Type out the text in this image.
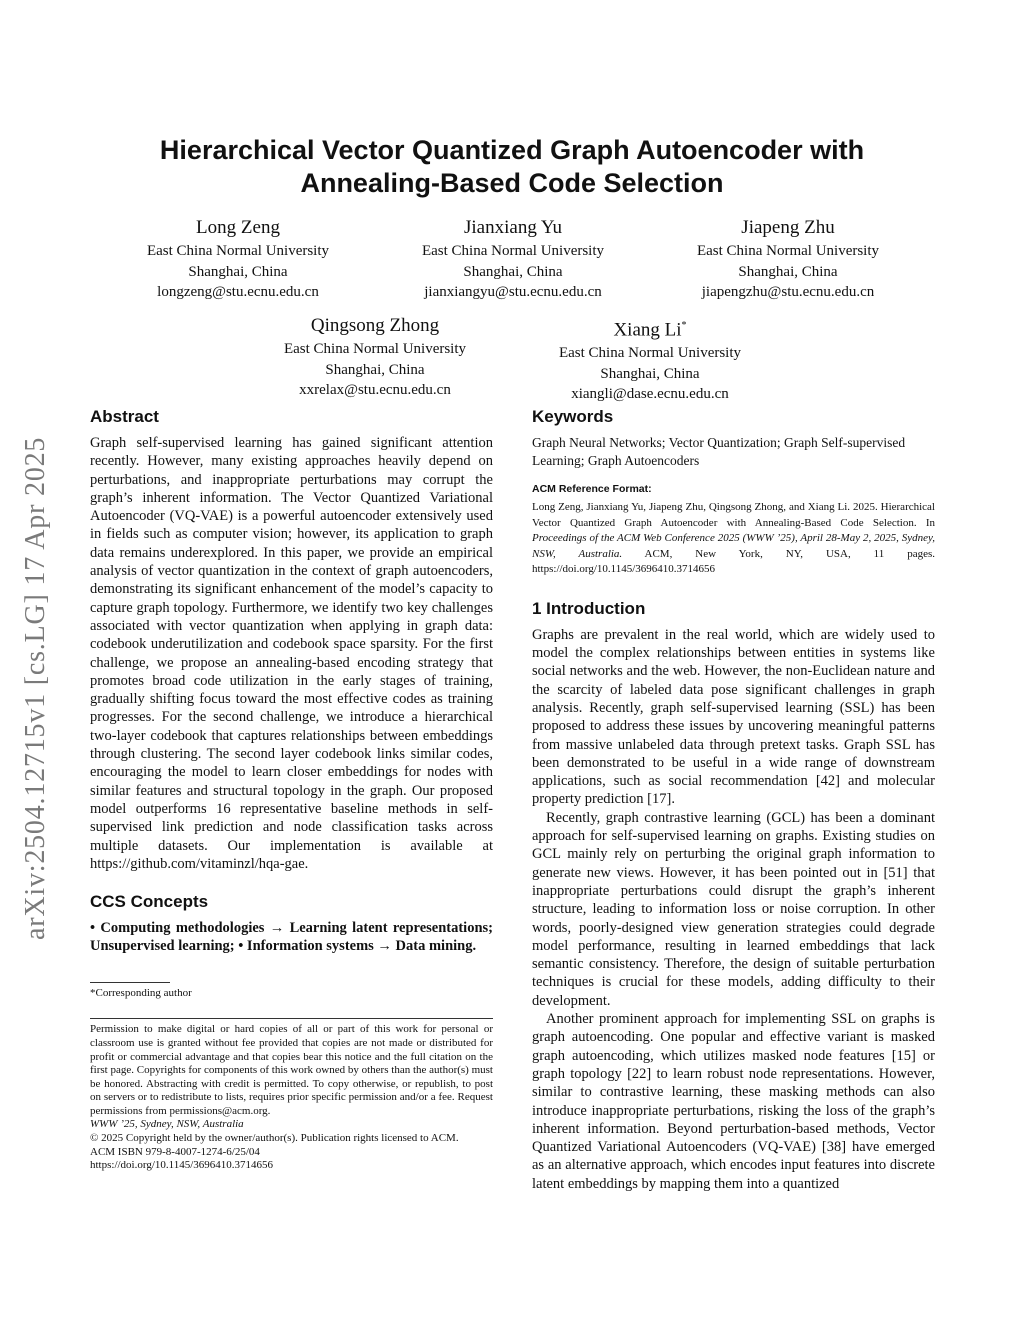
arXiv:2504.12715v1 [cs.LG] 17 Apr 2025
Hierarchical Vector Quantized Graph Autoencoder with
Annealing-Based Code Selection
Long Zeng
East China Normal University
Shanghai, China
longzeng@stu.ecnu.edu.cn
Jianxiang Yu
East China Normal University
Shanghai, China
jianxiangyu@stu.ecnu.edu.cn
Jiapeng Zhu
East China Normal University
Shanghai, China
jiapengzhu@stu.ecnu.edu.cn
Qingsong Zhong
East China Normal University
Shanghai, China
xxrelax@stu.ecnu.edu.cn
Xiang Li*
East China Normal University
Shanghai, China
xiangli@dase.ecnu.edu.cn
Abstract

Graph self-supervised learning has gained significant attention recently. However, many existing approaches heavily depend on perturbations, and inappropriate perturbations may corrupt the graph’s inherent information. The Vector Quantized Variational Autoencoder (VQ-VAE) is a powerful autoencoder extensively used in fields such as computer vision; however, its application to graph data remains underexplored. In this paper, we provide an empirical analysis of vector quantization in the context of graph autoencoders, demonstrating its significant enhancement of the model’s capacity to capture graph topology. Furthermore, we identify two key challenges associated with vector quantization when applying in graph data: codebook underutilization and codebook space sparsity. For the first challenge, we propose an annealing-based encoding strategy that promotes broad code utilization in the early stages of training, gradually shifting focus toward the most effective codes as training progresses. For the second challenge, we introduce a hierarchical two-layer codebook that captures relationships between embeddings through clustering. The second layer codebook links similar codes, encouraging the model to learn closer embeddings for nodes with similar features and structural topology in the graph. Our proposed model outperforms 16 representative baseline methods in self-supervised link prediction and node classification tasks across multiple datasets. Our implementation is available at https://github.com/vitaminzl/hqa-gae.

CCS Concepts

• Computing methodologies → Learning latent representations; Unsupervised learning; • Information systems → Data mining.

*Corresponding author
Permission to make digital or hard copies of all or part of this work for personal or classroom use is granted without fee provided that copies are not made or distributed for profit or commercial advantage and that copies bear this notice and the full citation on the first page. Copyrights for components of this work owned by others than the author(s) must be honored. Abstracting with credit is permitted. To copy otherwise, or republish, to post on servers or to redistribute to lists, requires prior specific permission and/or a fee. Request permissions from permissions@acm.org.
WWW ’25, Sydney, NSW, Australia
© 2025 Copyright held by the owner/author(s). Publication rights licensed to ACM.
ACM ISBN 979-8-4007-1274-6/25/04
https://doi.org/10.1145/3696410.3714656
Keywords

Graph Neural Networks; Vector Quantization; Graph Self-supervised Learning; Graph Autoencoders

ACM Reference Format:

Long Zeng, Jianxiang Yu, Jiapeng Zhu, Qingsong Zhong, and Xiang Li. 2025. Hierarchical Vector Quantized Graph Autoencoder with Annealing-Based Code Selection. In Proceedings of the ACM Web Conference 2025 (WWW ’25), April 28-May 2, 2025, Sydney, NSW, Australia. ACM, New York, NY, USA, 11 pages. https://doi.org/10.1145/3696410.3714656

1 Introduction

Graphs are prevalent in the real world, which are widely used to model the complex relationships between entities in systems like social networks and the web. However, the non-Euclidean nature and the scarcity of labeled data pose significant challenges in graph analysis. Recently, graph self-supervised learning (SSL) has been proposed to address these issues by uncovering meaningful patterns from massive unlabeled data through pretext tasks. Graph SSL has been demonstrated to be useful in a wide range of downstream applications, such as social recommendation [42] and molecular property prediction [17].

Recently, graph contrastive learning (GCL) has been a dominant approach for self-supervised learning on graphs. Existing studies on GCL mainly rely on perturbing the original graph information to generate new views. However, it has been pointed out in [51] that inappropriate perturbations could disrupt the graph’s inherent structure, leading to information loss or noise corruption. In other words, poorly-designed view generation strategies could degrade model performance, resulting in learned embeddings that lack semantic consistency. Therefore, the design of suitable perturbation techniques is crucial for these models, adding difficulty to their development.

Another prominent approach for implementing SSL on graphs is graph autoencoding. One popular and effective variant is masked graph autoencoding, which utilizes masked node features [15] or graph topology [22] to learn robust node representations. However, similar to contrastive learning, these masking methods can also introduce inappropriate perturbations, risking the loss of the graph’s inherent information. Beyond perturbation-based methods, Vector Quantized Variational Autoencoders (VQ-VAE) [38] have emerged as an alternative approach, which encodes input features into discrete latent embeddings by mapping them into a quantized
